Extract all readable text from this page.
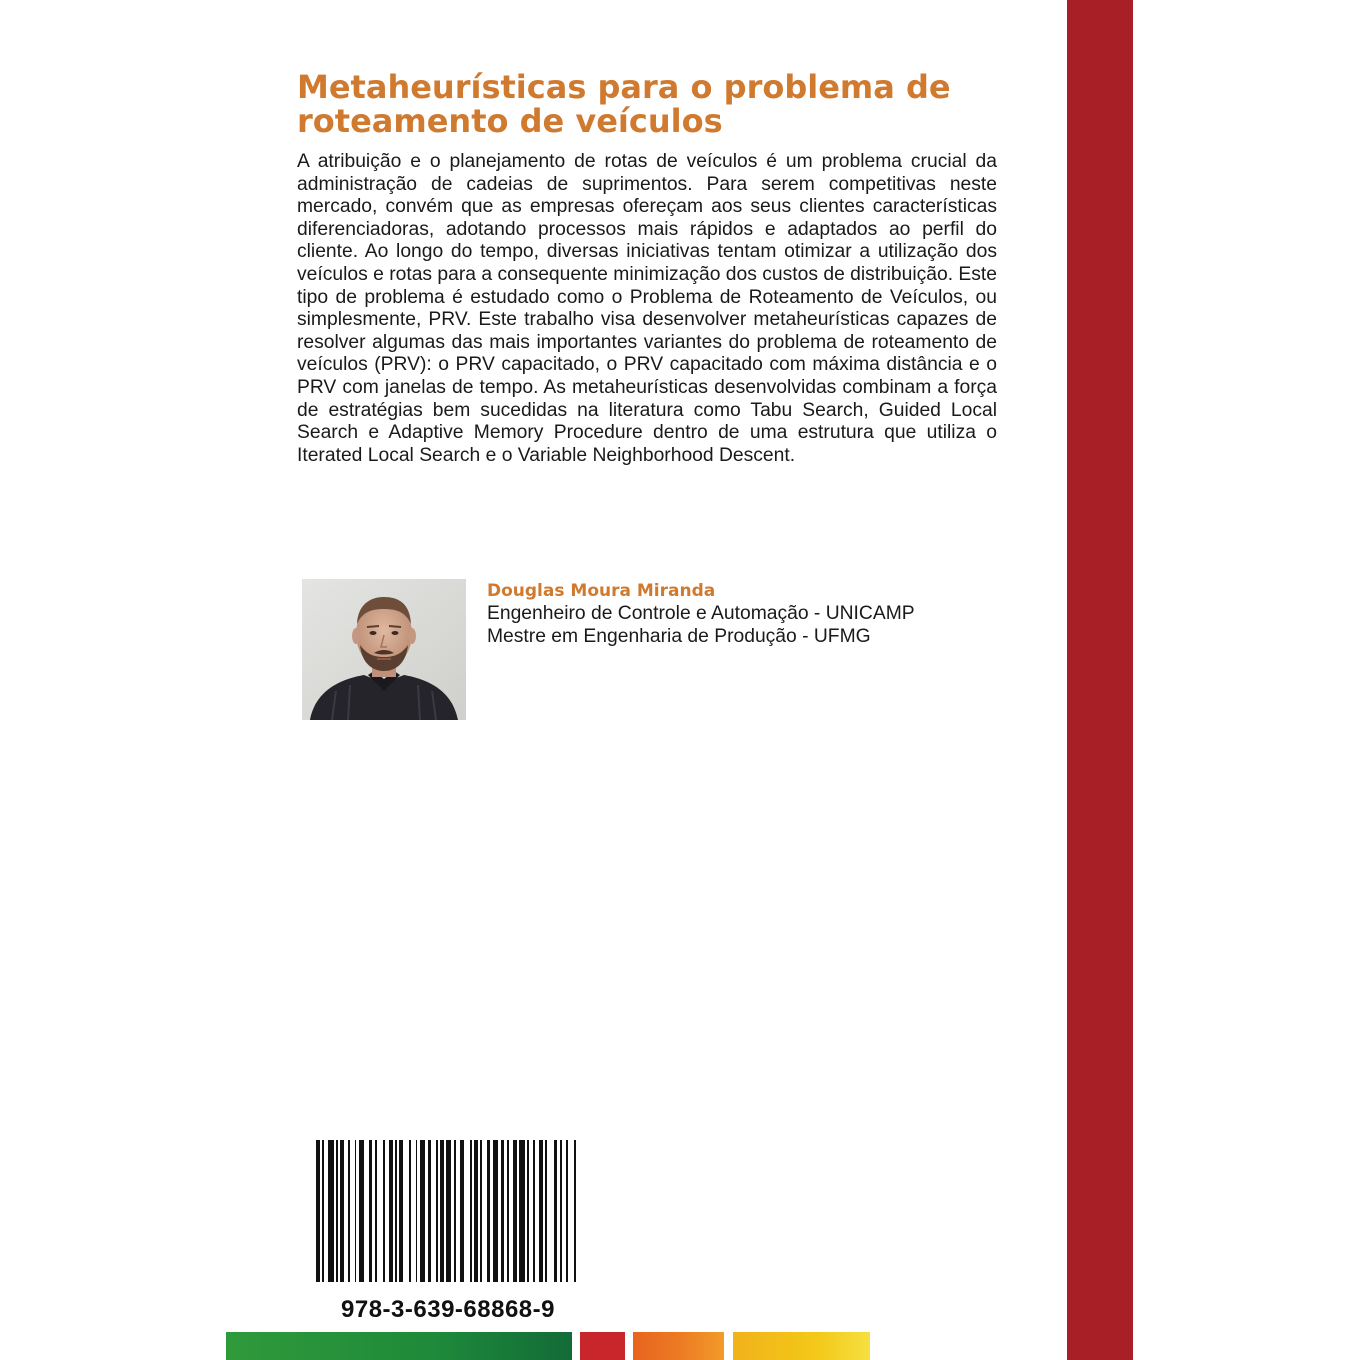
Metaheurísticas para o problema de roteamento de veículos

A atribuição e o planejamento de rotas de veículos é um problema crucial da administração de cadeias de suprimentos. Para serem competitivas neste mercado, convém que as empresas ofereçam aos seus clientes características diferenciadoras, adotando processos mais rápidos e adaptados ao perfil do cliente. Ao longo do tempo, diversas iniciativas tentam otimizar a utilização dos veículos e rotas para a consequente minimização dos custos de distribuição. Este tipo de problema é estudado como o Problema de Roteamento de Veículos, ou simplesmente, PRV. Este trabalho visa desenvolver metaheurísticas capazes de resolver algumas das mais importantes variantes do problema de roteamento de veículos (PRV): o PRV capacitado, o PRV capacitado com máxima distância e o PRV com janelas de tempo. As metaheurísticas desenvolvidas combinam a força de estratégias bem sucedidas na literatura como Tabu Search, Guided Local Search e Adaptive Memory Procedure dentro de uma estrutura que utiliza o Iterated Local Search e o Variable Neighborhood Descent.

Douglas Moura Miranda

Engenheiro de Controle e Automação - UNICAMP

Mestre em Engenharia de Produção - UFMG

978-3-639-68868-9
